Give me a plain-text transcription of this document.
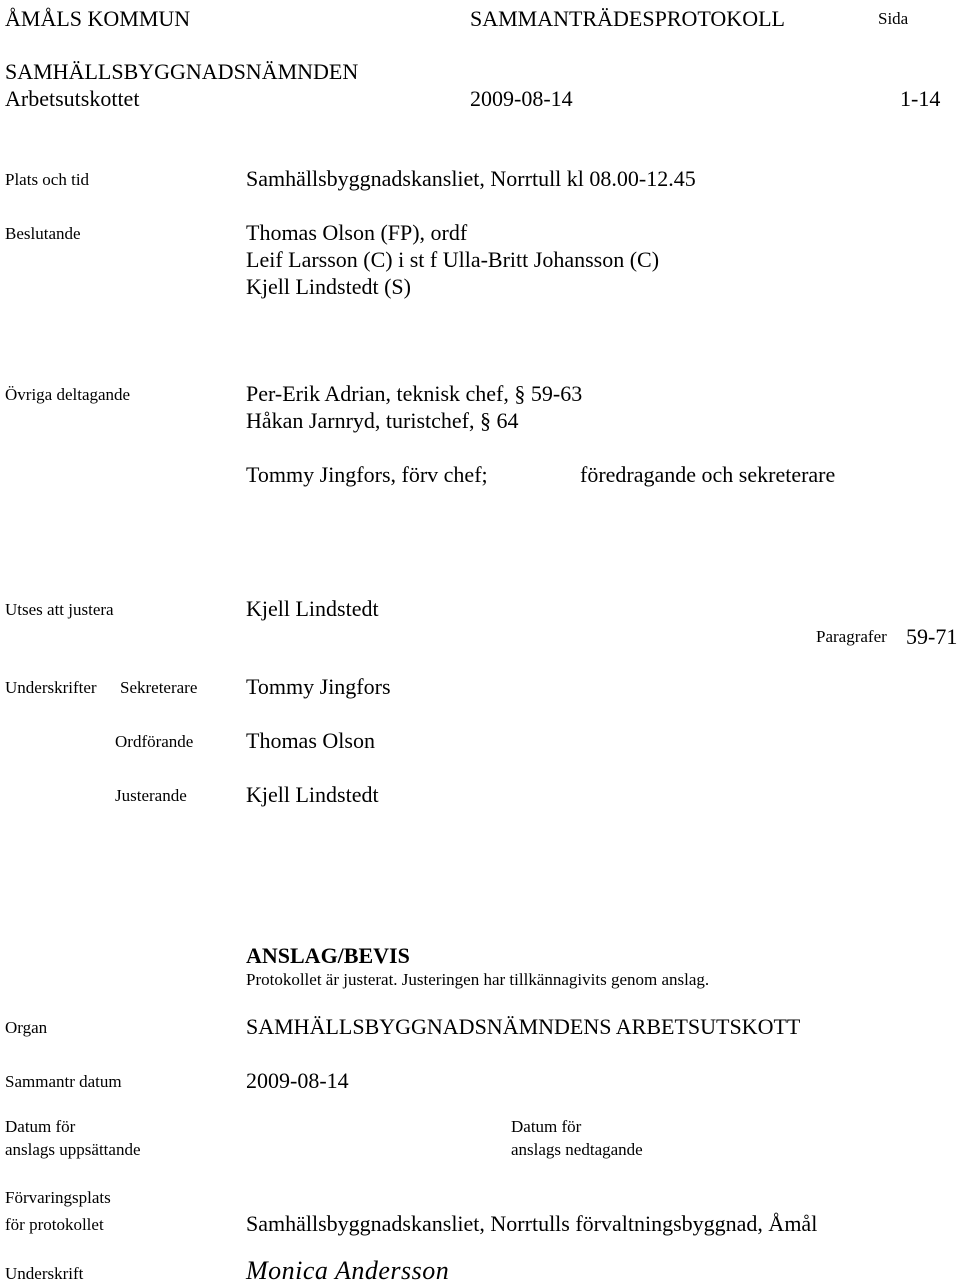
ÅMÅLS KOMMUN	SAMMANTRÄDESPROTOKOLL	Sida
SAMHÄLLSBYGGNADSNÄMNDEN
Arbetsutskottet	2009-08-14	1-14
Plats och tid	Samhällsbyggnadskansliet, Norrtull kl 08.00-12.45
Beslutande	Thomas Olson (FP), ordf
Leif Larsson (C) i st f Ulla-Britt Johansson (C)
Kjell Lindstedt (S)
Övriga deltagande	Per-Erik Adrian, teknisk chef, § 59-63
Håkan Jarnryd, turistchef, § 64
Tommy Jingfors, förv chef;	föredragande och sekreterare
Utses att justera	Kjell Lindstedt
Paragrafer 59-71
Underskrifter Sekreterare Tommy Jingfors
Ordförande Thomas Olson
Justerande	Kjell Lindstedt
ANSLAG/BEVIS
Protokollet är justerat. Justeringen har tillkännagivits genom anslag.
Organ	SAMHÄLLSBYGGNADSNÄMNDENS ARBETSUTSKOTT
Sammantr datum	2009-08-14
Datum för
anslags uppsättande
Datum för
anslags nedtagande
Förvaringsplats
för protokollet	Samhällsbyggnadskansliet, Norrtulls förvaltningsbyggnad, Åmål
Underskrift	Monica Andersson
